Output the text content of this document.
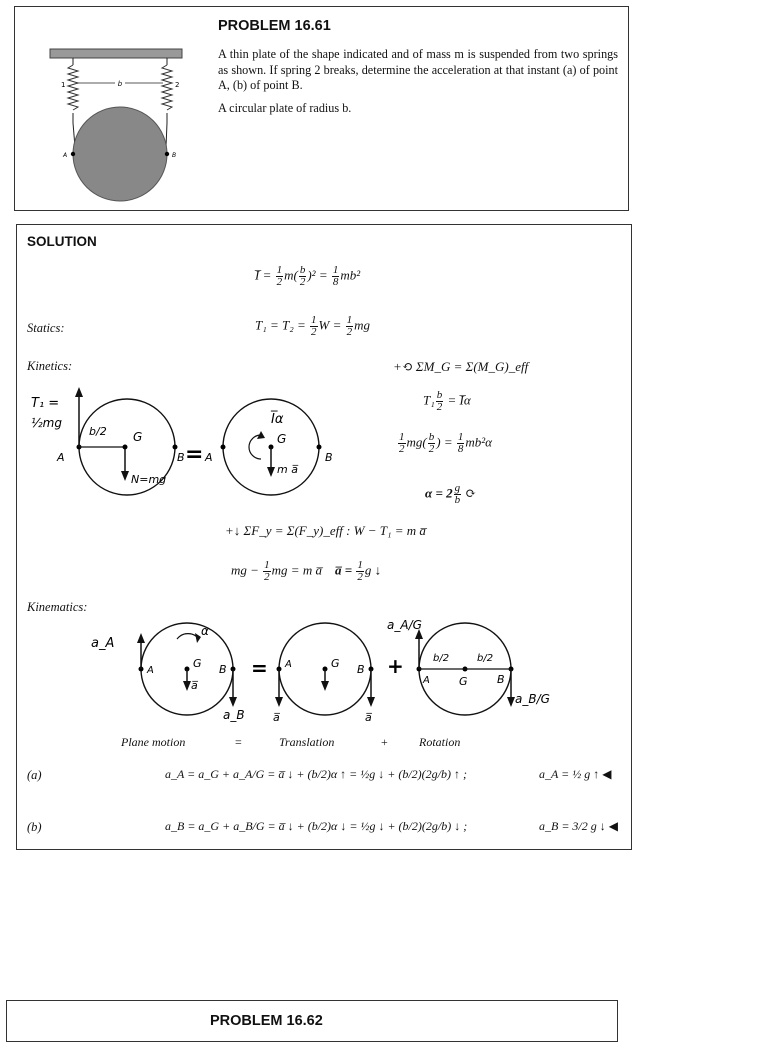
b
1	2
A	B
PROBLEM 16.61
A thin plate of the shape indicated and of mass m is suspended from two springs as shown. If spring 2 breaks, determine the acceleration at that instant (a) of point A, (b) of point B.
A circular plate of radius b.
SOLUTION
I̅ = $\frac{1}{2} m( \frac{b}{2} )^2 = \frac{1}{8} mb^2$
Statics:	$T_1 = T_2 = \frac{1}{2}$ $W = \frac{1}{2}$ mg
Kinetics:	+⟲ ΣM_G = Σ(M_G)_eff
$T_1 \frac{b}{2}$ = I̅α
$\frac{1}{2} mg( \frac{b}{2}$ ) = $\frac{1}{8} mb^2\alpha$
$\alpha = 2 \frac{g}{b}$ ⟳
T₁ =
½mg
b/2 G
A	B
N=mg
=
I̅α
G
m a̅
A	B
+↓ ΣF_y = Σ(F_y)_eff : W − T₁ = m a̅
mg − $\frac{1}{2}$ mg = m a̅ a̅ = $\frac{1}{2}$ g ↓
Kinematics:
a_A
α
G
A	B
a̅
a_B
= A	G B
a̅	a̅
+
a_A/G
b/2	b/2
A	G	B
a_B/G
Plane motion	=	Translation	+	Rotation
(a)	a_A = a_G + a_A/G = a̅ ↓ + (b/2)α ↑ = ½g ↓ + (b/2)(2g/b) ↑ ;	a_A = ½ g ↑ ◀
(b)	a_B = a_G + a_B/G = a̅ ↓ + (b/2)α ↓ = ½g ↓ + (b/2)(2g/b) ↓ ;	a_B = 3/2 g ↓ ◀
PROBLEM 16.62
